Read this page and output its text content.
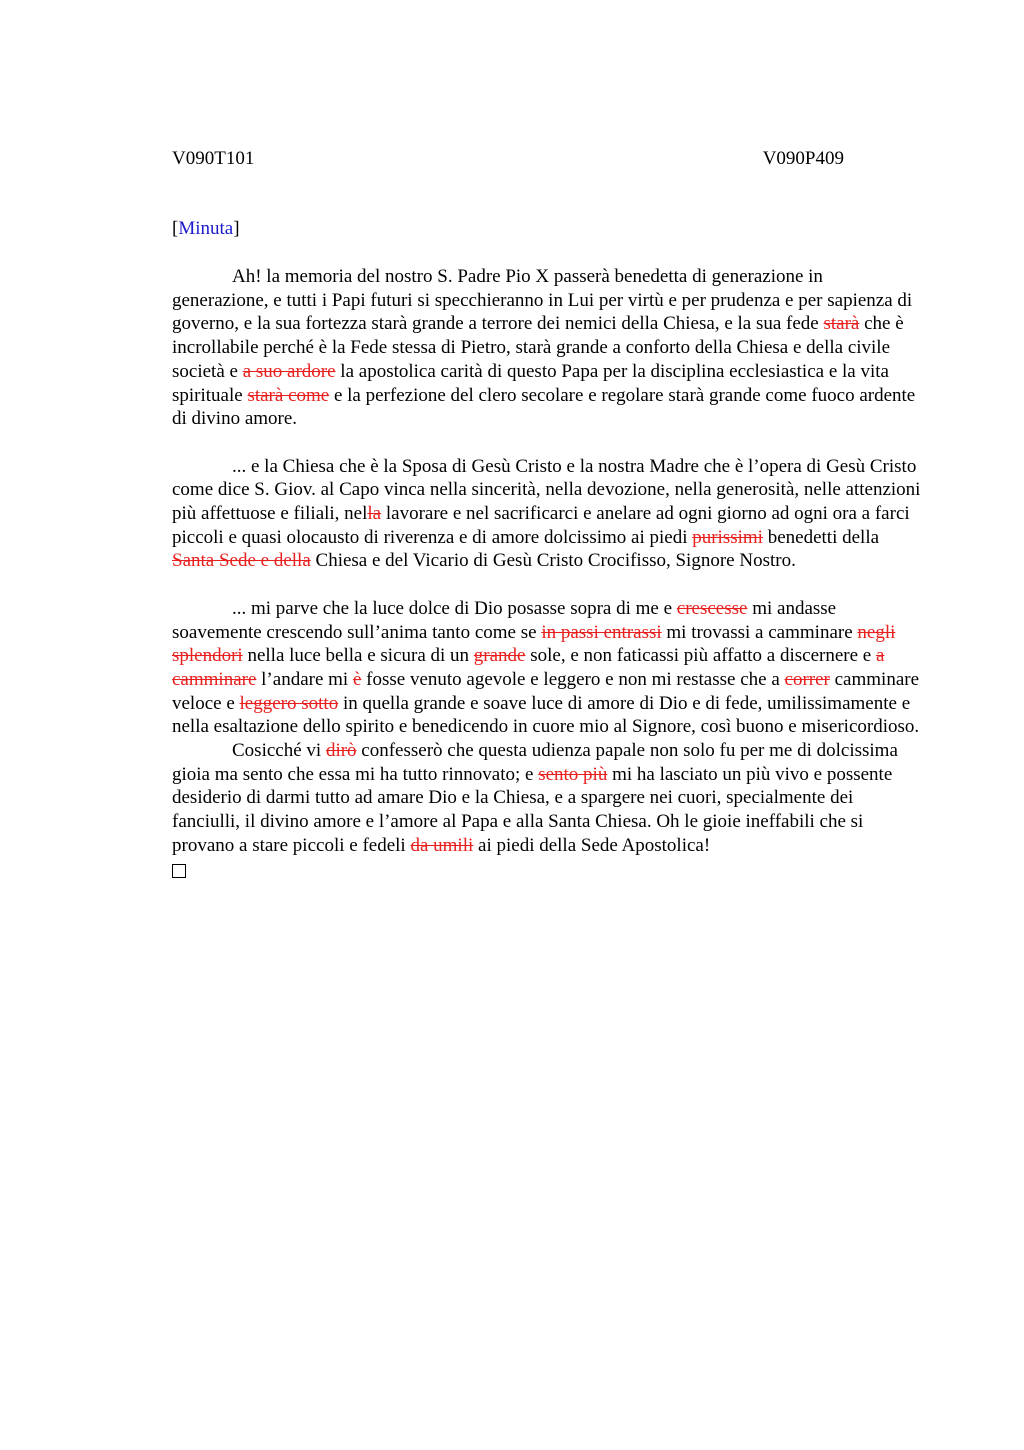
V090T101	V090P409
[Minuta]

Ah! la memoria del nostro S. Padre Pio X passerà benedetta di generazione in generazione, e tutti i Papi futuri si specchieranno in Lui per virtù e per prudenza e per sapienza di governo, e la sua fortezza starà grande a terrore dei nemici della Chiesa, e la sua fede starà che è incrollabile perché è la Fede stessa di Pietro, starà grande a conforto della Chiesa e della civile società e a suo ardore la apostolica carità di questo Papa per la disciplina ecclesiastica e la vita spirituale starà come e la perfezione del clero secolare e regolare starà grande come fuoco ardente di divino amore.

... e la Chiesa che è la Sposa di Gesù Cristo e la nostra Madre che è l’opera di Gesù Cristo come dice S. Giov. al Capo vinca nella sincerità, nella devozione, nella generosità, nelle attenzioni più affettuose e filiali, nella lavorare e nel sacrificarci e anelare ad ogni giorno ad ogni ora a farci piccoli e quasi olocausto di riverenza e di amore dolcissimo ai piedi purissimi benedetti della Santa Sede e della Chiesa e del Vicario di Gesù Cristo Crocifisso, Signore Nostro.

... mi parve che la luce dolce di Dio posasse sopra di me e crescesse mi andasse soavemente crescendo sull’anima tanto come se in passi entrassi mi trovassi a camminare negli splendori nella luce bella e sicura di un grande sole, e non faticassi più affatto a discernere e a camminare l’andare mi è fosse venuto agevole e leggero e non mi restasse che a correr camminare veloce e leggero sotto in quella grande e soave luce di amore di Dio e di fede, umilissimamente e nella esaltazione dello spirito e benedicendo in cuore mio al Signore, così buono e misericordioso.

Cosicché vi dirò confesserò che questa udienza papale non solo fu per me di dolcissima gioia ma sento che essa mi ha tutto rinnovato; e sento più mi ha lasciato un più vivo e possente desiderio di darmi tutto ad amare Dio e la Chiesa, e a spargere nei cuori, specialmente dei fanciulli, il divino amore e l’amore al Papa e alla Santa Chiesa. Oh le gioie ineffabili che si provano a stare piccoli e fedeli da umili ai piedi della Sede Apostolica!
